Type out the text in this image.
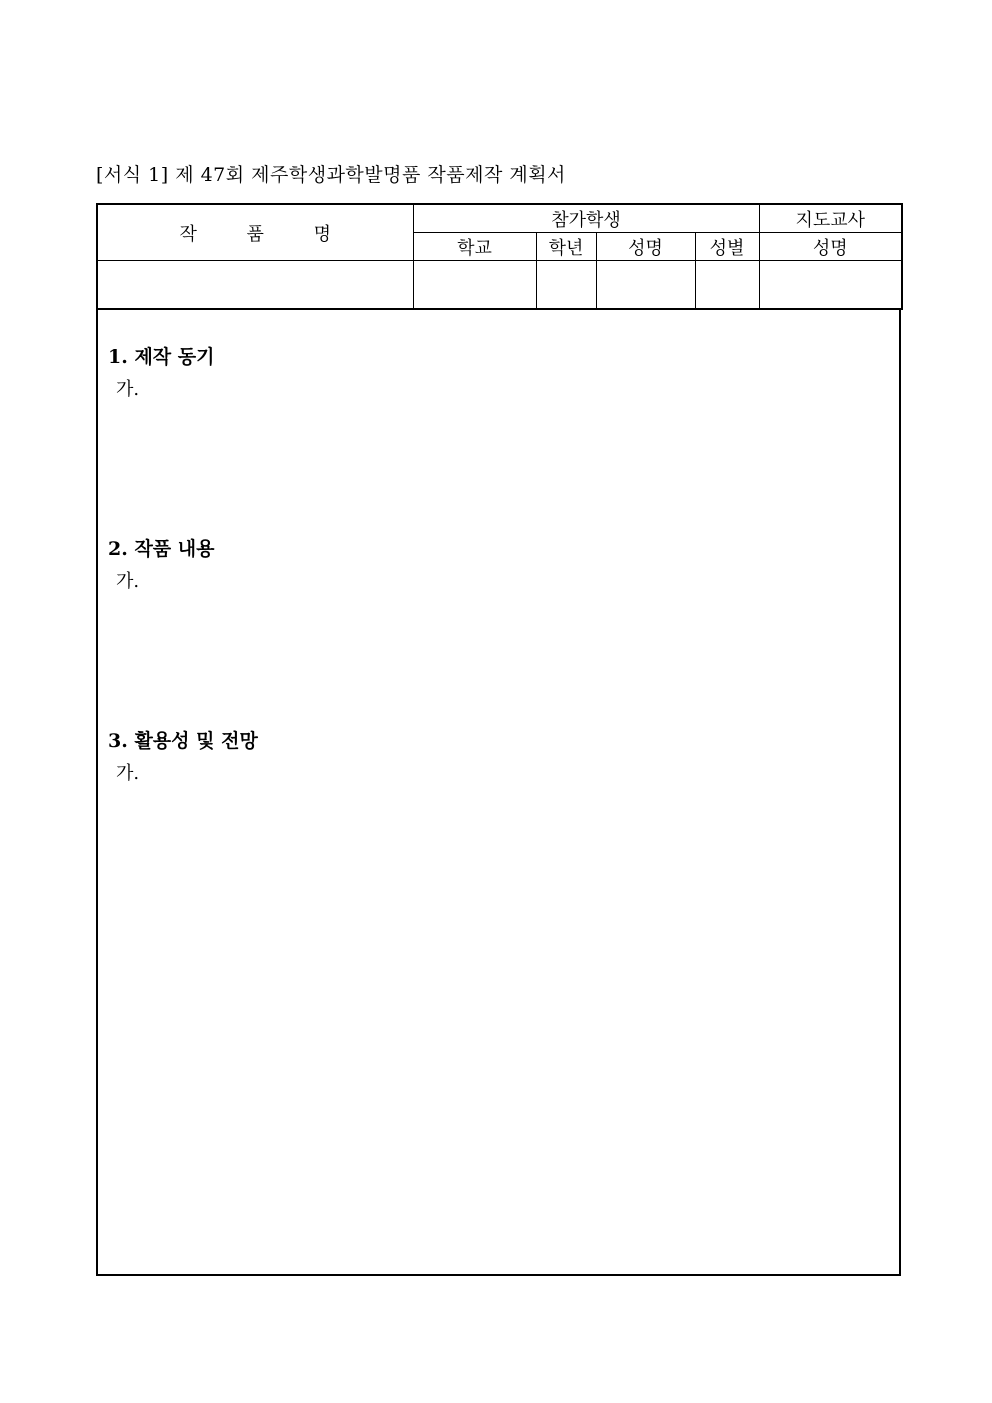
[서식 1] 제 47회 제주학생과학발명품 작품제작 계획서
작 품 명	참가학생				지도교사
	학교	학년	성명	성별	성명

1. 제작 동기
가.
2. 작품 내용
가.
3. 활용성 및 전망
가.
